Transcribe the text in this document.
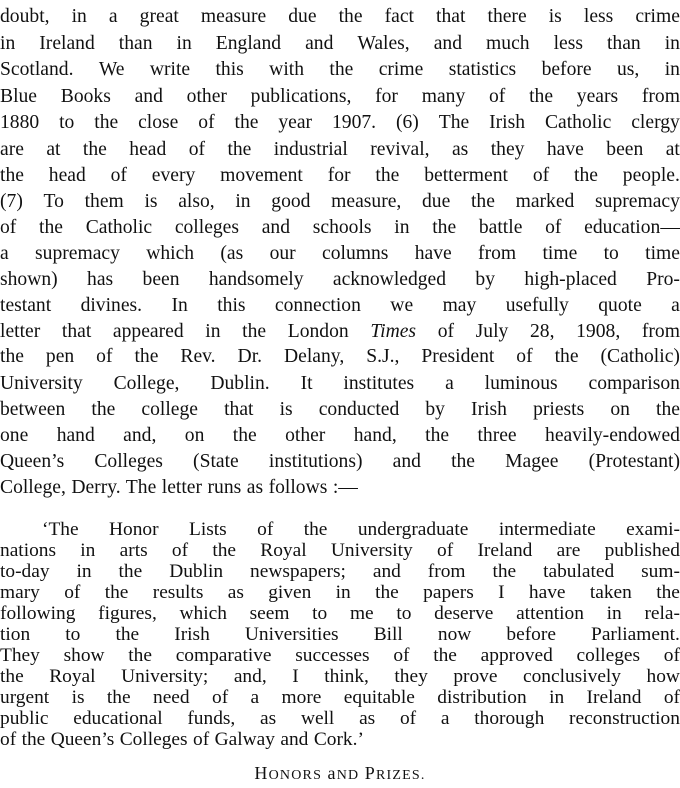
doubt, in a great measure due the fact that there is less crime
in Ireland than in England and Wales, and much less than in
Scotland. We write this with the crime statistics before us, in
Blue Books and other publications, for many of the years from
1880 to the close of the year 1907. (6) The Irish Catholic clergy
are at the head of the industrial revival, as they have been at
the head of every movement for the betterment of the people.
(7) To them is also, in good measure, due the marked supremacy
of the Catholic colleges and schools in the battle of education—
a supremacy which (as our columns have from time to time
shown) has been handsomely acknowledged by high-placed Pro-
testant divines. In this connection we may usefully quote a
letter that appeared in the London Times of July 28, 1908, from
the pen of the Rev. Dr. Delany, S.J., President of the (Catholic)
University College, Dublin. It institutes a luminous comparison
between the college that is conducted by Irish priests on the
one hand and, on the other hand, the three heavily-endowed
Queen’s Colleges (State institutions) and the Magee (Protestant)
College, Derry. The letter runs as follows :—
‘The Honor Lists of the undergraduate intermediate exami-
nations in arts of the Royal University of Ireland are published
to-day in the Dublin newspapers; and from the tabulated sum-
mary of the results as given in the papers I have taken the
following figures, which seem to me to deserve attention in rela-
tion to the Irish Universities Bill now before Parliament.
They show the comparative successes of the approved colleges of
the Royal University; and, I think, they prove conclusively how
urgent is the need of a more equitable distribution in Ireland of
public educational funds, as well as of a thorough reconstruction
of the Queen’s Colleges of Galway and Cork.’
HONORS aND PRIZES.
